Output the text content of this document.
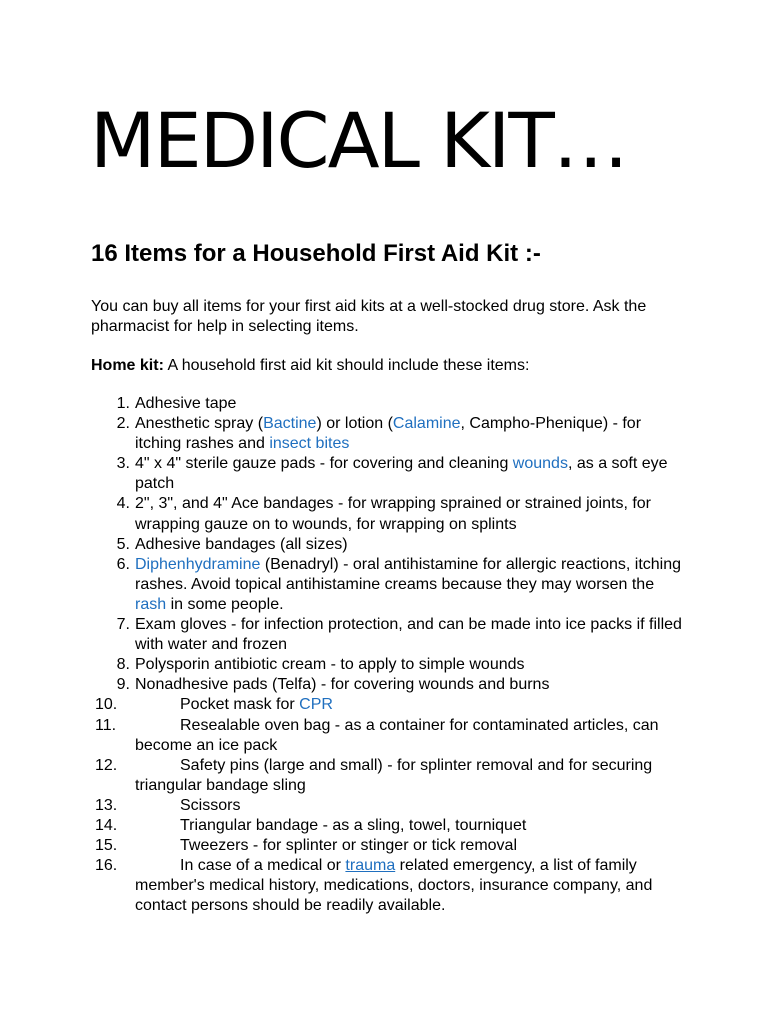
MEDICAL KIT…
16 Items for a Household First Aid Kit :-

You can buy all items for your first aid kits at a well-stocked drug store. Ask the pharmacist for help in selecting items.

Home kit: A household first aid kit should include these items:

1. Adhesive tape
2. Anesthetic spray (Bactine) or lotion (Calamine, Campho-Phenique) - for itching rashes and insect bites
3. 4" x 4" sterile gauze pads - for covering and cleaning wounds, as a soft eye patch
4. 2", 3", and 4" Ace bandages - for wrapping sprained or strained joints, for wrapping gauze on to wounds, for wrapping on splints
5. Adhesive bandages (all sizes)
6. Diphenhydramine (Benadryl) - oral antihistamine for allergic reactions, itching rashes. Avoid topical antihistamine creams because they may worsen the rash in some people.
7. Exam gloves - for infection protection, and can be made into ice packs if filled with water and frozen
8. Polysporin antibiotic cream - to apply to simple wounds
9. Nonadhesive pads (Telfa) - for covering wounds and burns
10.	Pocket mask for CPR
11.	Resealable oven bag - as a container for contaminated articles, can become an ice pack
12.	Safety pins (large and small) - for splinter removal and for securing triangular bandage sling
13.	Scissors
14.	Triangular bandage - as a sling, towel, tourniquet
15.	Tweezers - for splinter or stinger or tick removal
16.	In case of a medical or trauma related emergency, a list of family member's medical history, medications, doctors, insurance company, and contact persons should be readily available.
